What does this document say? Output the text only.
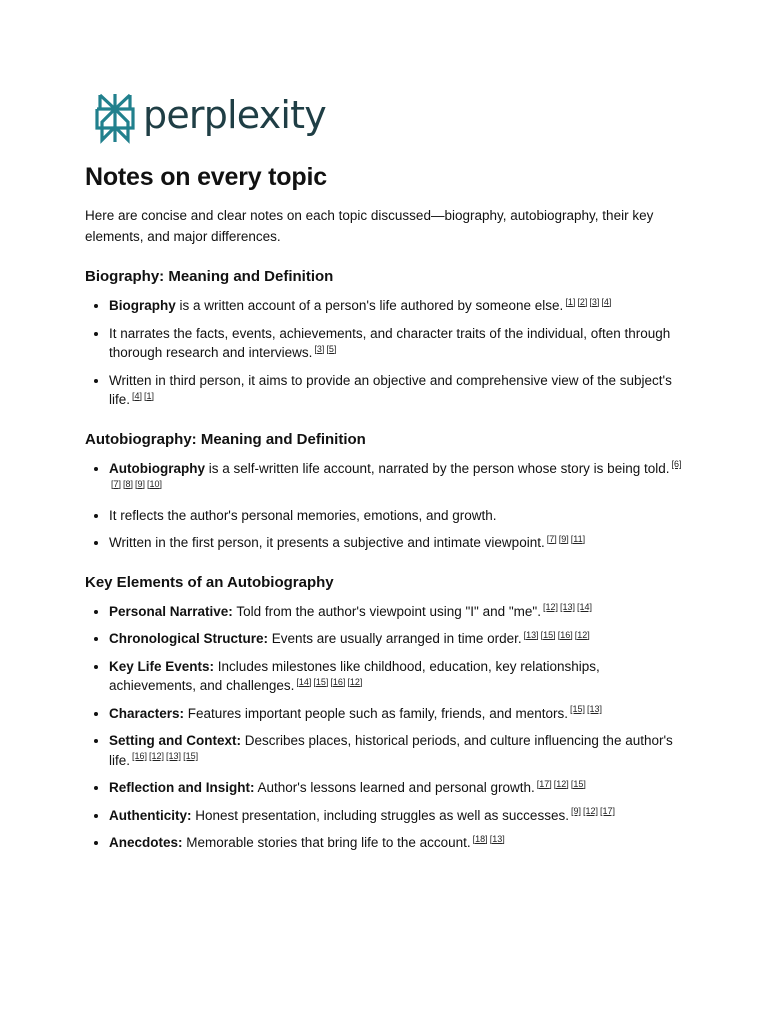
perplexity
Notes on every topic

Here are concise and clear notes on each topic discussed—biography, autobiography, their key elements, and major differences.

Biography: Meaning and Definition
• Biography is a written account of a person's life authored by someone else. [1] [2] [3] [4]
• It narrates the facts, events, achievements, and character traits of the individual, often through thorough research and interviews. [3] [5]
• Written in third person, it aims to provide an objective and comprehensive view of the subject's life. [4] [1]
Autobiography: Meaning and Definition
• Autobiography is a self-written life account, narrated by the person whose story is being told. [6][7] [8] [9] [10]
• It reflects the author's personal memories, emotions, and growth.
• Written in the first person, it presents a subjective and intimate viewpoint. [7] [9] [11]
Key Elements of an Autobiography
• Personal Narrative: Told from the author's viewpoint using "I" and "me". [12] [13] [14]
• Chronological Structure: Events are usually arranged in time order. [13] [15] [16] [12]
• Key Life Events: Includes milestones like childhood, education, key relationships, achievements, and challenges. [14] [15] [16] [12]
• Characters: Features important people such as family, friends, and mentors. [15] [13]
• Setting and Context: Describes places, historical periods, and culture influencing the author's life. [16] [12] [13] [15]
• Reflection and Insight: Author's lessons learned and personal growth. [17] [12] [15]
• Authenticity: Honest presentation, including struggles as well as successes. [9] [12] [17]
• Anecdotes: Memorable stories that bring life to the account. [18] [13]
